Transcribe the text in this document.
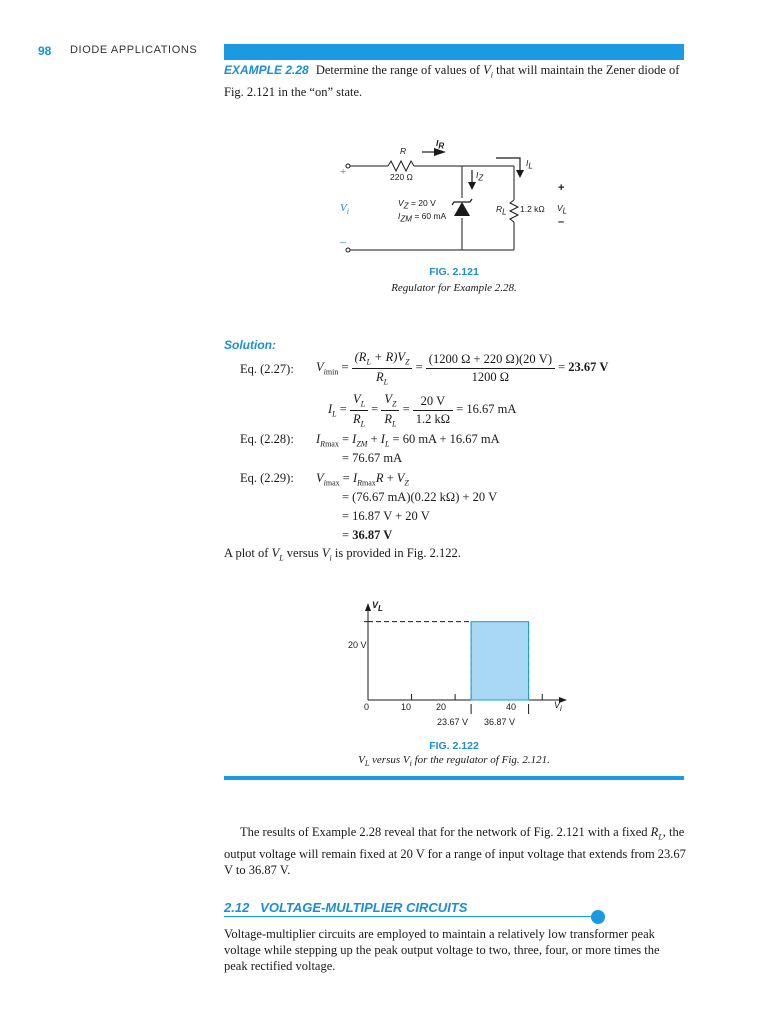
98 DIODE APPLICATIONS
EXAMPLE 2.28 Determine the range of values of $V_i$ that will maintain the Zener diode of Fig. 2.121 in the “on” state.
+
$V_i$
–
R
220 Ω
$I_R$
$I_Z$
$I_L$
$V_Z = 20$ V
$I_{ZM} = 60$ mA
$R_L$ 1.2 kΩ $V_L$
+
–
FIG. 2.121
Regulator for Example 2.28.
Solution:
Eq. (2.27): $V_{imin} = \frac{(R_L + R)V_Z}{R_L} = \frac{(1200 \Omega + 220 \Omega)(20 V)}{1200 \Omega} = 23.67$ V
$I_L = \frac{V_L}{R_L} = \frac{V_Z}{R_L} = \frac{20 V}{1.2 k\Omega} = 16.67$ mA
Eq. (2.28): $I_{Rmax} = I_{ZM} + I_L = 60$ mA + 16.67 mA
= 76.67 mA
Eq. (2.29): $V_{imax} = I_{Rmax}R + V_Z$
= (76.67 mA)(0.22 kΩ) + 20 V
= 16.87 V + 20 V
= 36.87 V
A plot of $V_L$ versus $V_i$ is provided in Fig. 2.122.
$V_L$
$V_i$
20 V
0	10	20	40
23.67 V 36.87 V
FIG. 2.122
$V_L$ versus $V_i$ for the regulator of Fig. 2.121.
The results of Example 2.28 reveal that for the network of Fig. 2.121 with a fixed $R_L$, the output voltage will remain fixed at 20 V for a range of input voltage that extends from 23.67 V to 36.87 V.
2.12 VOLTAGE-MULTIPLIER CIRCUITS
Voltage-multiplier circuits are employed to maintain a relatively low transformer peak voltage while stepping up the peak output voltage to two, three, four, or more times the peak rectified voltage.
